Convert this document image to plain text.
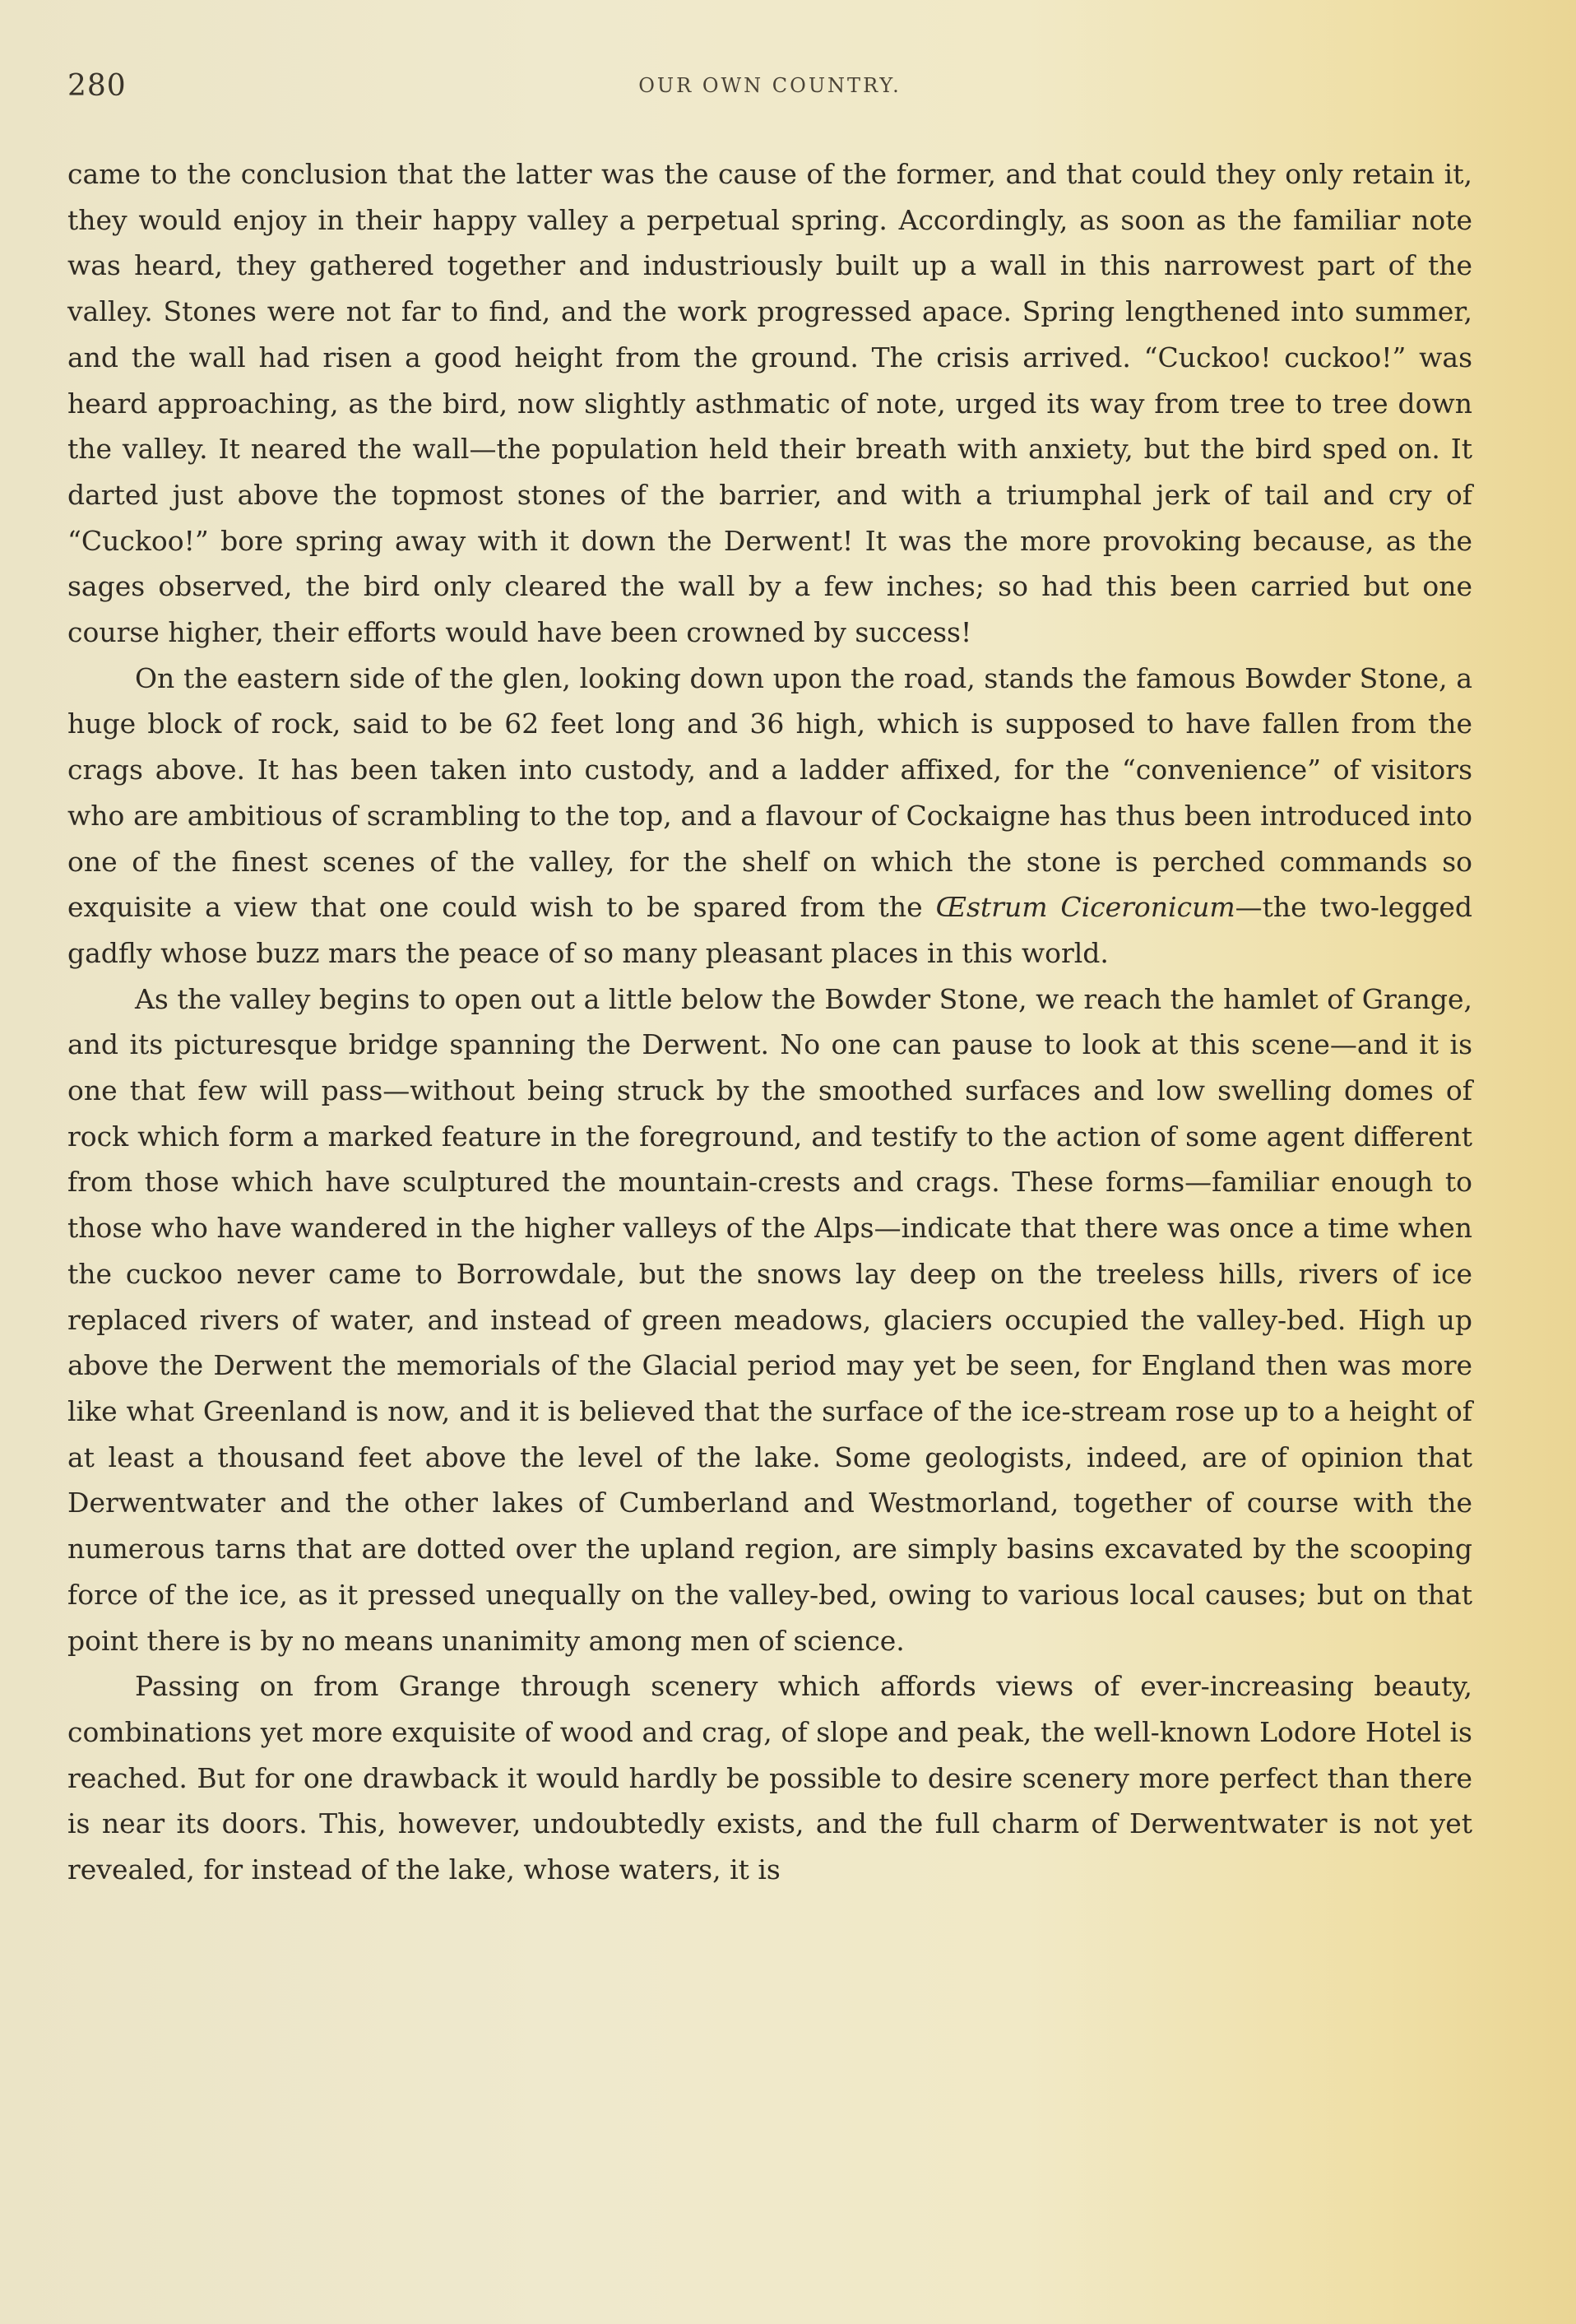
280	OUR OWN COUNTRY.

came to the conclusion that the latter was the cause of the former, and that could they only retain it, they would enjoy in their happy valley a perpetual spring. Accordingly, as soon as the familiar note was heard, they gathered together and industriously built up a wall in this narrowest part of the valley. Stones were not far to find, and the work progressed apace. Spring lengthened into summer, and the wall had risen a good height from the ground. The crisis arrived. “Cuckoo! cuckoo!” was heard approaching, as the bird, now slightly asthmatic of note, urged its way from tree to tree down the valley. It neared the wall—the population held their breath with anxiety, but the bird sped on. It darted just above the topmost stones of the barrier, and with a triumphal jerk of tail and cry of “Cuckoo!” bore spring away with it down the Derwent! It was the more provoking because, as the sages observed, the bird only cleared the wall by a few inches; so had this been carried but one course higher, their efforts would have been crowned by success!

On the eastern side of the glen, looking down upon the road, stands the famous Bowder Stone, a huge block of rock, said to be 62 feet long and 36 high, which is supposed to have fallen from the crags above. It has been taken into custody, and a ladder affixed, for the “convenience” of visitors who are ambitious of scrambling to the top, and a flavour of Cockaigne has thus been introduced into one of the finest scenes of the valley, for the shelf on which the stone is perched commands so exquisite a view that one could wish to be spared from the Œstrum Ciceronicum—the two-legged gadfly whose buzz mars the peace of so many pleasant places in this world.

As the valley begins to open out a little below the Bowder Stone, we reach the hamlet of Grange, and its picturesque bridge spanning the Derwent. No one can pause to look at this scene—and it is one that few will pass—without being struck by the smoothed surfaces and low swelling domes of rock which form a marked feature in the foreground, and testify to the action of some agent different from those which have sculptured the mountain-crests and crags. These forms—familiar enough to those who have wandered in the higher valleys of the Alps—indicate that there was once a time when the cuckoo never came to Borrowdale, but the snows lay deep on the treeless hills, rivers of ice replaced rivers of water, and instead of green meadows, glaciers occupied the valley-bed. High up above the Derwent the memorials of the Glacial period may yet be seen, for England then was more like what Greenland is now, and it is believed that the surface of the ice-stream rose up to a height of at least a thousand feet above the level of the lake. Some geologists, indeed, are of opinion that Derwentwater and the other lakes of Cumberland and Westmorland, together of course with the numerous tarns that are dotted over the upland region, are simply basins excavated by the scooping force of the ice, as it pressed unequally on the valley-bed, owing to various local causes; but on that point there is by no means unanimity among men of science.

Passing on from Grange through scenery which affords views of ever-increasing beauty, combinations yet more exquisite of wood and crag, of slope and peak, the well-known Lodore Hotel is reached. But for one drawback it would hardly be possible to desire scenery more perfect than there is near its doors. This, however, undoubtedly exists, and the full charm of Derwentwater is not yet revealed, for instead of the lake, whose waters, it is
